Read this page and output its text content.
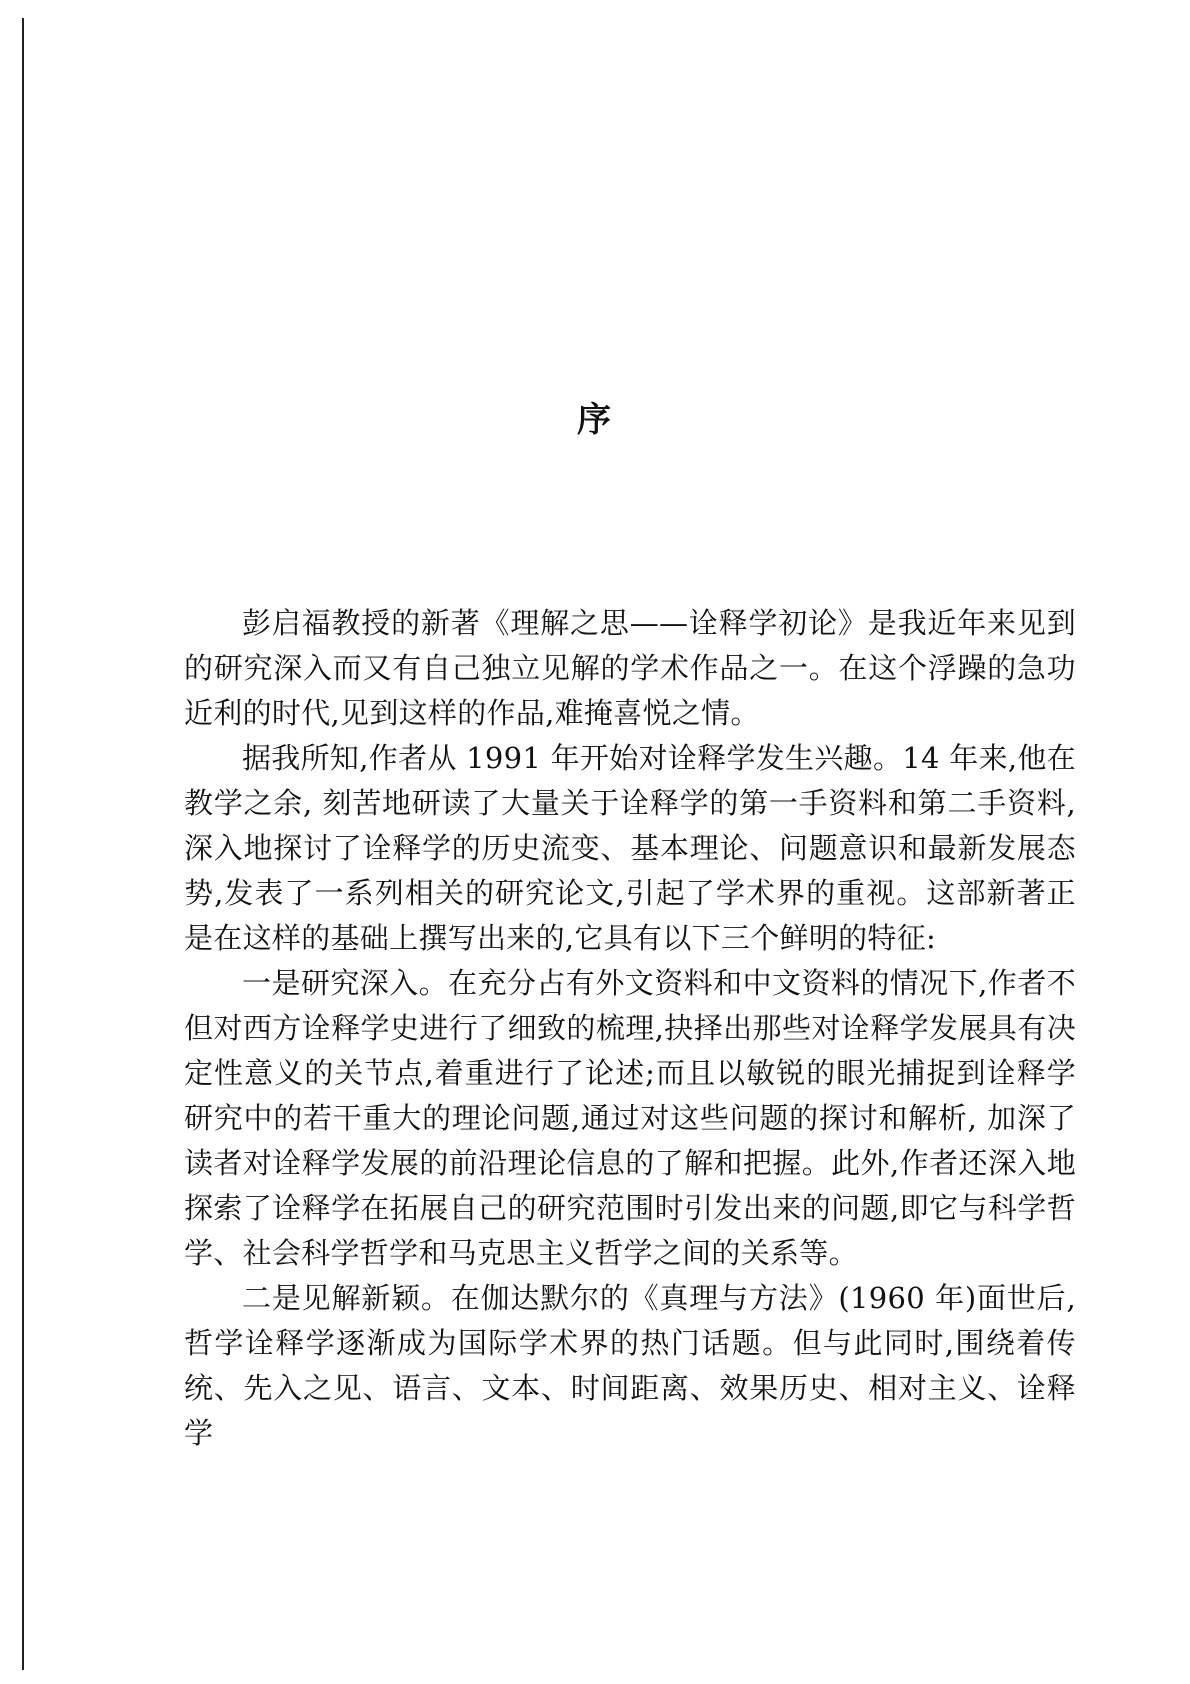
序

彭启福教授的新著《理解之思——诠释学初论》是我近年来见到的研究深入而又有自己独立见解的学术作品之一。在这个浮躁的急功近利的时代,见到这样的作品,难掩喜悦之情。

据我所知,作者从 1991 年开始对诠释学发生兴趣。14 年来,他在教学之余, 刻苦地研读了大量关于诠释学的第一手资料和第二手资料,深入地探讨了诠释学的历史流变、基本理论、问题意识和最新发展态势,发表了一系列相关的研究论文,引起了学术界的重视。这部新著正是在这样的基础上撰写出来的,它具有以下三个鲜明的特征:

一是研究深入。在充分占有外文资料和中文资料的情况下,作者不但对西方诠释学史进行了细致的梳理,抉择出那些对诠释学发展具有决定性意义的关节点,着重进行了论述;而且以敏锐的眼光捕捉到诠释学研究中的若干重大的理论问题,通过对这些问题的探讨和解析, 加深了读者对诠释学发展的前沿理论信息的了解和把握。此外,作者还深入地探索了诠释学在拓展自己的研究范围时引发出来的问题,即它与科学哲学、社会科学哲学和马克思主义哲学之间的关系等。

二是见解新颖。在伽达默尔的《真理与方法》(1960 年)面世后,哲学诠释学逐渐成为国际学术界的热门话题。但与此同时,围绕着传统、先入之见、语言、文本、时间距离、效果历史、相对主义、诠释学
